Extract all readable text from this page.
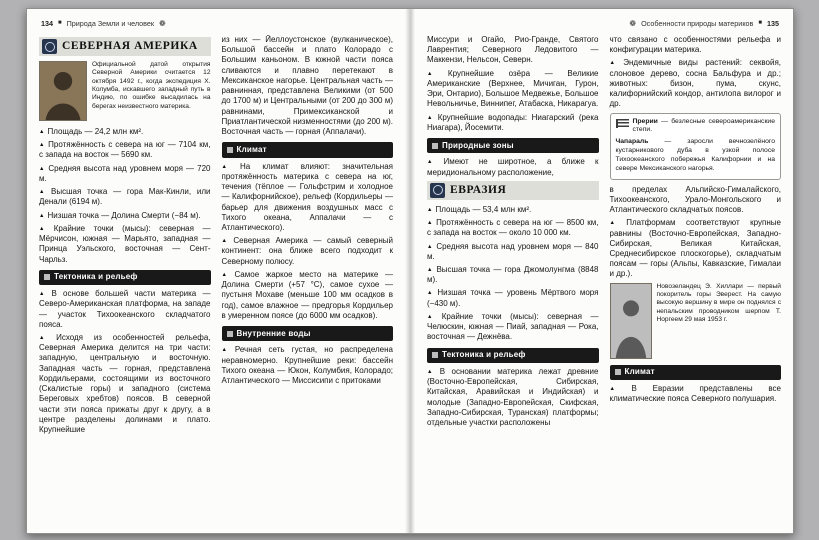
134 ■ Природа Земли и человек ❁
СЕВЕРНАЯ АМЕРИКА
Официальной датой открытия Северной Америки считается 12 октября 1492 г., когда экспедиция Х. Колумба, искавшего западный путь в Индию, по ошибке высадилась на берегах неизвестного материка.
▲ Площадь — 24,2 млн км².
▲ Протяжённость с севера на юг — 7104 км, с запада на восток — 5690 км.
▲ Средняя высота над уровнем моря — 720 м.
▲ Высшая точка — гора Мак-Кинли, или Денали (6194 м).
▲ Низшая точка — Долина Смерти (−84 м).
▲ Крайние точки (мысы): северная — Мёрчисон, южная — Марьято, западная — Принца Уэльского, восточная — Сент-Чарльз.
Тектоника и рельеф
▲ В основе большей части материка — Северо-Американская платформа, на западе — участок Тихоокеанского складчатого пояса.
▲ Исходя из особенностей рельефа, Северная Америка делится на три части: западную, центральную и восточную. Западная часть — горная, представлена Кордильерами, состоящими из восточного (Скалистые горы) и западного (система Береговых хребтов) поясов. В северной части эти пояса прижаты друг к другу, а в центре разделены долинами и плато. Крупнейшие
из них — Йеллоустонское (вулканическое), Большой бассейн и плато Колорадо с Большим каньоном. В южной части пояса сливаются и плавно перетекают в Мексиканское нагорье. Центральная часть — равнинная, представлена Великими (от 500 до 1700 м) и Центральными (от 200 до 300 м) равнинами, Примексиканской и Приатлантической низменностями (до 200 м). Восточная часть — горная (Аппалачи).
Климат
▲ На климат влияют: значительная протяжённость материка с севера на юг, течения (тёплое — Гольфстрим и холодное — Калифорнийское), рельеф (Кордильеры — барьер для движения воздушных масс с Тихого океана, Аппалачи — с Атлантического).
▲ Северная Америка — самый северный континент: она ближе всего подходит к Северному полюсу.
▲ Самое жаркое место на материке — Долина Смерти (+57 °C), самое сухое — пустыня Мохаве (меньше 100 мм осадков в год), самое влажное — предгорья Кордильер в умеренном поясе (до 6000 мм осадков).
Внутренние воды
▲ Речная сеть густая, но распределена неравномерно. Крупнейшие реки: бассейн Тихого океана — Юкон, Колумбия, Колорадо; Атлантического — Миссисипи с притоками
❁ Особенности природы материков ■ 135
Миссури и Огайо, Рио-Гранде, Святого Лаврентия; Северного Ледовитого — Маккензи, Нельсон, Северн.
▲ Крупнейшие озёра — Великие Американские (Верхнее, Мичиган, Гурон, Эри, Онтарио), Большое Медвежье, Большое Невольничье, Виннипег, Атабаска, Никарагуа.
▲ Крупнейшие водопады: Ниагарский (река Ниагара), Йосемити.
Природные зоны
▲ Имеют не широтное, а ближе к меридиональному расположение,
ЕВРАЗИЯ
▲ Площадь — 53,4 млн км².
▲ Протяжённость с севера на юг — 8500 км, с запада на восток — около 10 000 км.
▲ Средняя высота над уровнем моря — 840 м.
▲ Высшая точка — гора Джомолунгма (8848 м).
▲ Низшая точка — уровень Мёртвого моря (−430 м).
▲ Крайние точки (мысы): северная — Челюскин, южная — Пиай, западная — Рока, восточная — Дежнёва.
Тектоника и рельеф
▲ В основании материка лежат древние (Восточно-Европейская, Сибирская, Китайская, Аравийская и Индийская) и молодые (Западно-Европейская, Скифская, Западно-Сибирская, Туранская) платформы; отдельные участки расположены
что связано с особенностями рельефа и конфигурации материка.
▲ Эндемичные виды растений: секвойя, слоновое дерево, сосна Бальфура и др.; животных: бизон, пума, скунс, калифорнийский кондор, антилопа вилорог и др.
Прерии — безлесные североамериканские степи.
Чапараль — заросли вечнозелёного кустарникового дуба в узкой полосе Тихоокеанского побережья Калифорнии и на севере Мексиканского нагорья.
в пределах Альпийско-Гималайского, Тихоокеанского, Урало-Монгольского и Атлантического складчатых поясов.
▲ Платформам соответствуют крупные равнины (Восточно-Европейская, Западно-Сибирская, Великая Китайская, Среднесибирское плоскогорье), складчатым поясам — горы (Альпы, Кавказские, Гималаи и др.).
Новозеландец Э. Хиллари — первый покоритель горы Эверест. На самую высокую вершину в мире он поднялся с непальским проводником шерпом Т. Норгеем 29 мая 1953 г.
Климат
▲ В Евразии представлены все климатические пояса Северного полушария.
